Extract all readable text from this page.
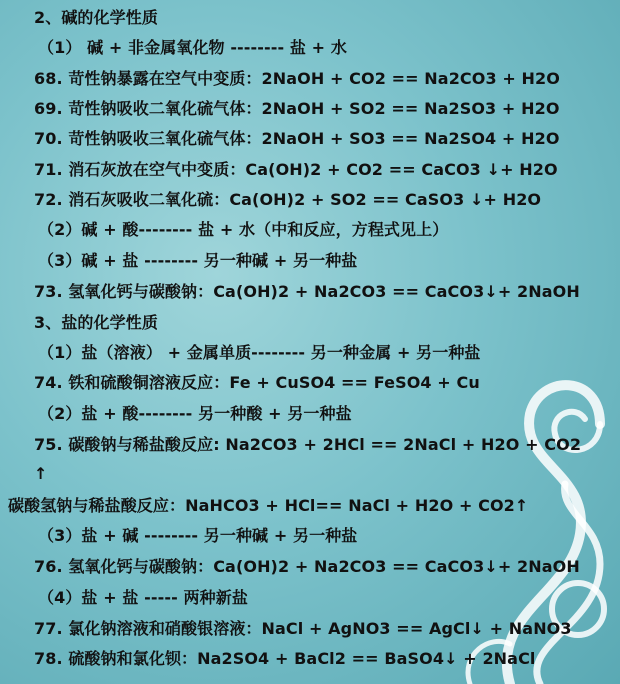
2、碱的化学性质
（1） 碱 + 非金属氧化物 -------- 盐 + 水
68. 苛性钠暴露在空气中变质：2NaOH + CO2 == Na2CO3 + H2O
69. 苛性钠吸收二氧化硫气体：2NaOH + SO2 == Na2SO3 + H2O
70. 苛性钠吸收三氧化硫气体：2NaOH + SO3 == Na2SO4 + H2O
71. 消石灰放在空气中变质：Ca(OH)2 + CO2 == CaCO3 ↓+ H2O
72. 消石灰吸收二氧化硫：Ca(OH)2 + SO2 == CaSO3 ↓+ H2O
（2）碱 + 酸-------- 盐 + 水（中和反应，方程式见上）
（3）碱 + 盐 -------- 另一种碱 + 另一种盐
73. 氢氧化钙与碳酸钠：Ca(OH)2 + Na2CO3 == CaCO3↓+ 2NaOH
3、盐的化学性质
（1）盐（溶液） + 金属单质-------- 另一种金属 + 另一种盐
74. 铁和硫酸铜溶液反应：Fe + CuSO4 == FeSO4 + Cu
（2）盐 + 酸-------- 另一种酸 + 另一种盐
75. 碳酸钠与稀盐酸反应: Na2CO3 + 2HCl == 2NaCl + H2O + CO2
↑
碳酸氢钠与稀盐酸反应：NaHCO3 + HCl== NaCl + H2O + CO2↑
（3）盐 + 碱 -------- 另一种碱 + 另一种盐
76. 氢氧化钙与碳酸钠：Ca(OH)2 + Na2CO3 == CaCO3↓+ 2NaOH
（4）盐 + 盐 ----- 两种新盐
77. 氯化钠溶液和硝酸银溶液：NaCl + AgNO3 == AgCl↓ + NaNO3
78. 硫酸钠和氯化钡：Na2SO4 + BaCl2 == BaSO4↓ + 2NaCl
